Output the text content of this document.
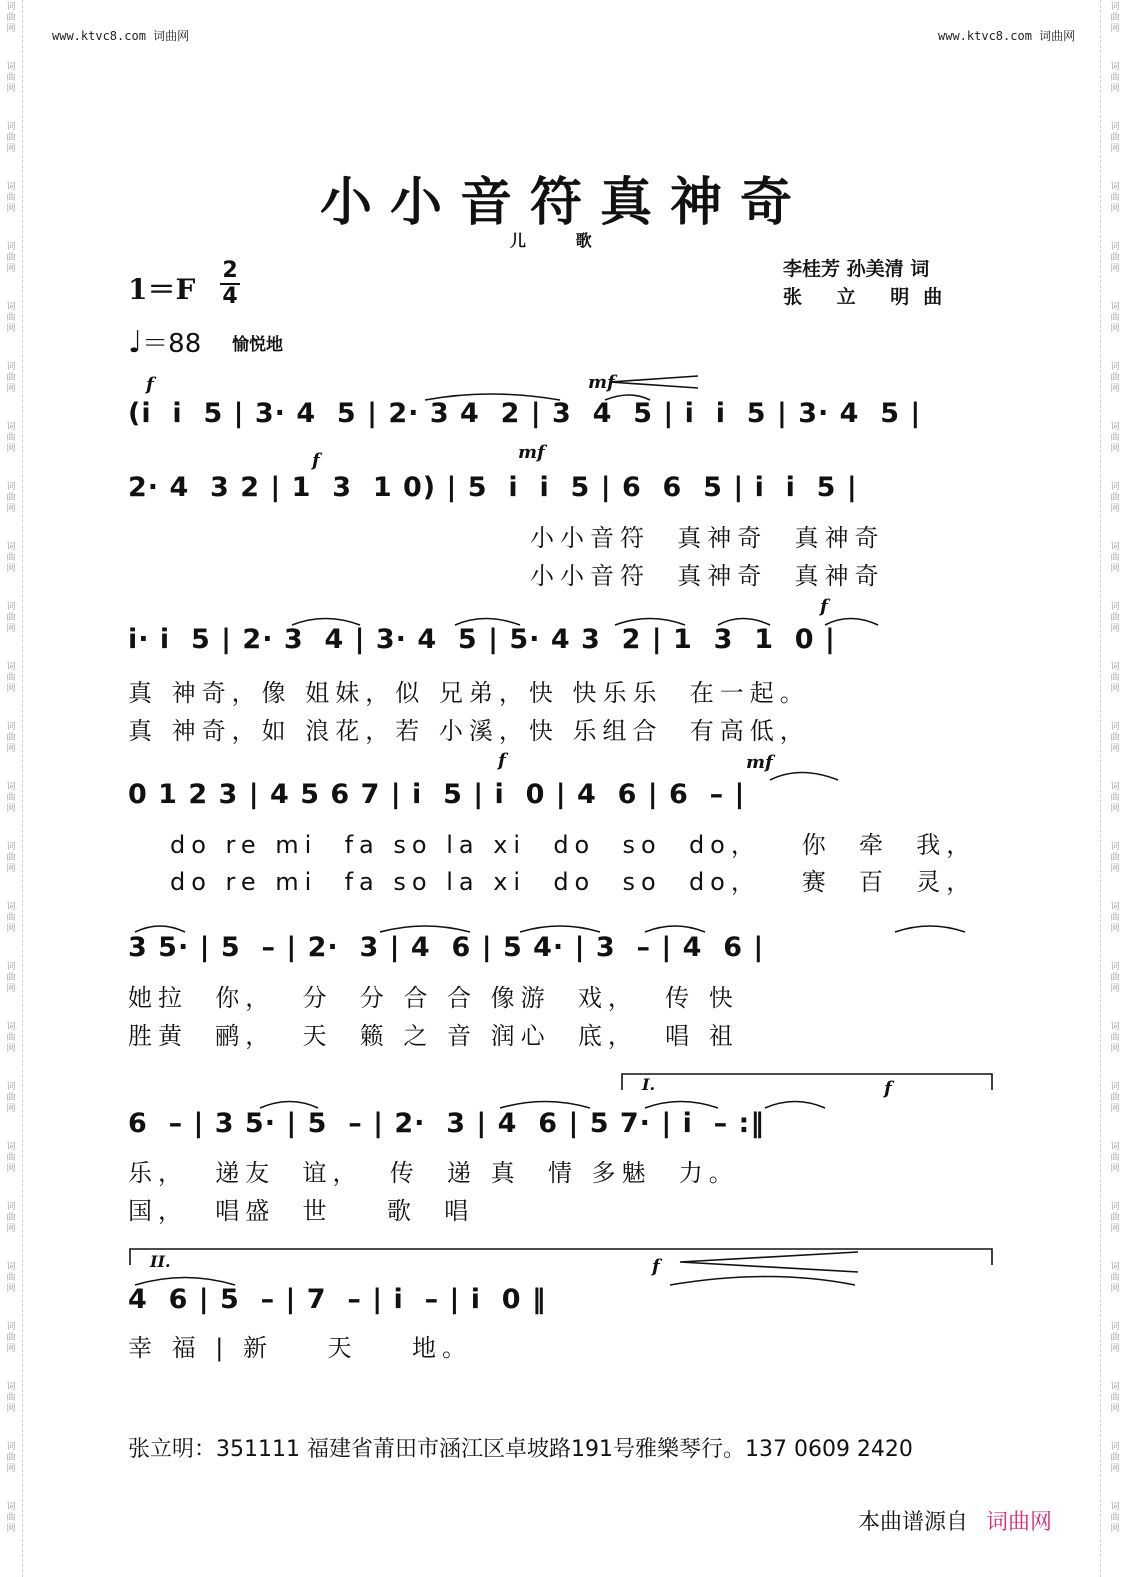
www.ktvc8.com 词曲网	www.ktvc8.com 词曲网
小小音符真神奇
儿 歌
李桂芳 孙美清 词
张 立 明曲
$1=F \frac{2}{4}$
♩＝88 愉悦地
f	mf
(i  i  5 | 3· 4  5 | 2· 3 4  2 | 3  4  5 | i  i  5 | 3· 4  5 |
f	mf
2· 4  3 2 | 1  3  1 0) | 5  i  i  5 | 6  6  5 | i  i  5 |
小小音符  真神奇  真神奇
小小音符  真神奇  真神奇
f
i· i  5 | 2· 3  4 | 3· 4  5 | 5· 4 3  2 | 1  3  1  0 |
真 神奇，像 姐妹，似 兄弟，快 快乐乐  在一起。
真 神奇，如 浪花，若 小溪，快 乐组合  有高低，
f	mf
0 1 2 3 | 4 5 6 7 | i  5 | i  0 | 4  6 | 6  – |
do re mi  fa so la xi  do  so  do，   你  牵  我，
do re mi  fa so la xi  do  so  do，   赛  百  灵，
3 5· | 5  – | 2·  3 | 4  6 | 5 4· | 3  – | 4  6 |
她拉  你，  分  分 合 合 像游  戏，  传 快
胜黄  鹂，  天  籁 之 音 润心  底，  唱 祖
I.	f
6  – | 3 5· | 5  – | 2·  3 | 4  6 | 5 7· | i  – :‖
乐，  递友  谊，  传  递 真  情 多魅  力。
国，  唱盛  世    歌  唱
II.	f
4  6 | 5  – | 7  – | i  – | i  0 ‖
幸 福 | 新    天    地。
张立明：351111 福建省莆田市涵江区卓坡路191号雅樂琴行。137 0609 2420
本曲谱源自 词曲网
词
曲
网
词
曲
网
词
曲
网
词
曲
网
词
曲
网
词
曲
网
词
曲
网
词
曲
网
词
曲
网
词
曲
网
词
曲
网
词
曲
网
词
曲
网
词
曲
网
词
曲
网
词
曲
网
词
曲
网
词
曲
网
词
曲
网
词
曲
网
词
曲
网
词
曲
网
词
曲
网
词
曲
网
词
曲
网
词
曲
网
词
曲
网
词
曲
网
词
曲
网
词
曲
网
词
曲
网
词
曲
网
词
曲
网
词
曲
网
词
曲
网
词
曲
网
词
曲
网
词
曲
网
词
曲
网
词
曲
网
词
曲
网
词
曲
网
词
曲
网
词
曲
网
词
曲
网
词
曲
网
词
曲
网
词
曲
网
词
曲
网
词
曲
网
词
曲
网
词
曲
网
